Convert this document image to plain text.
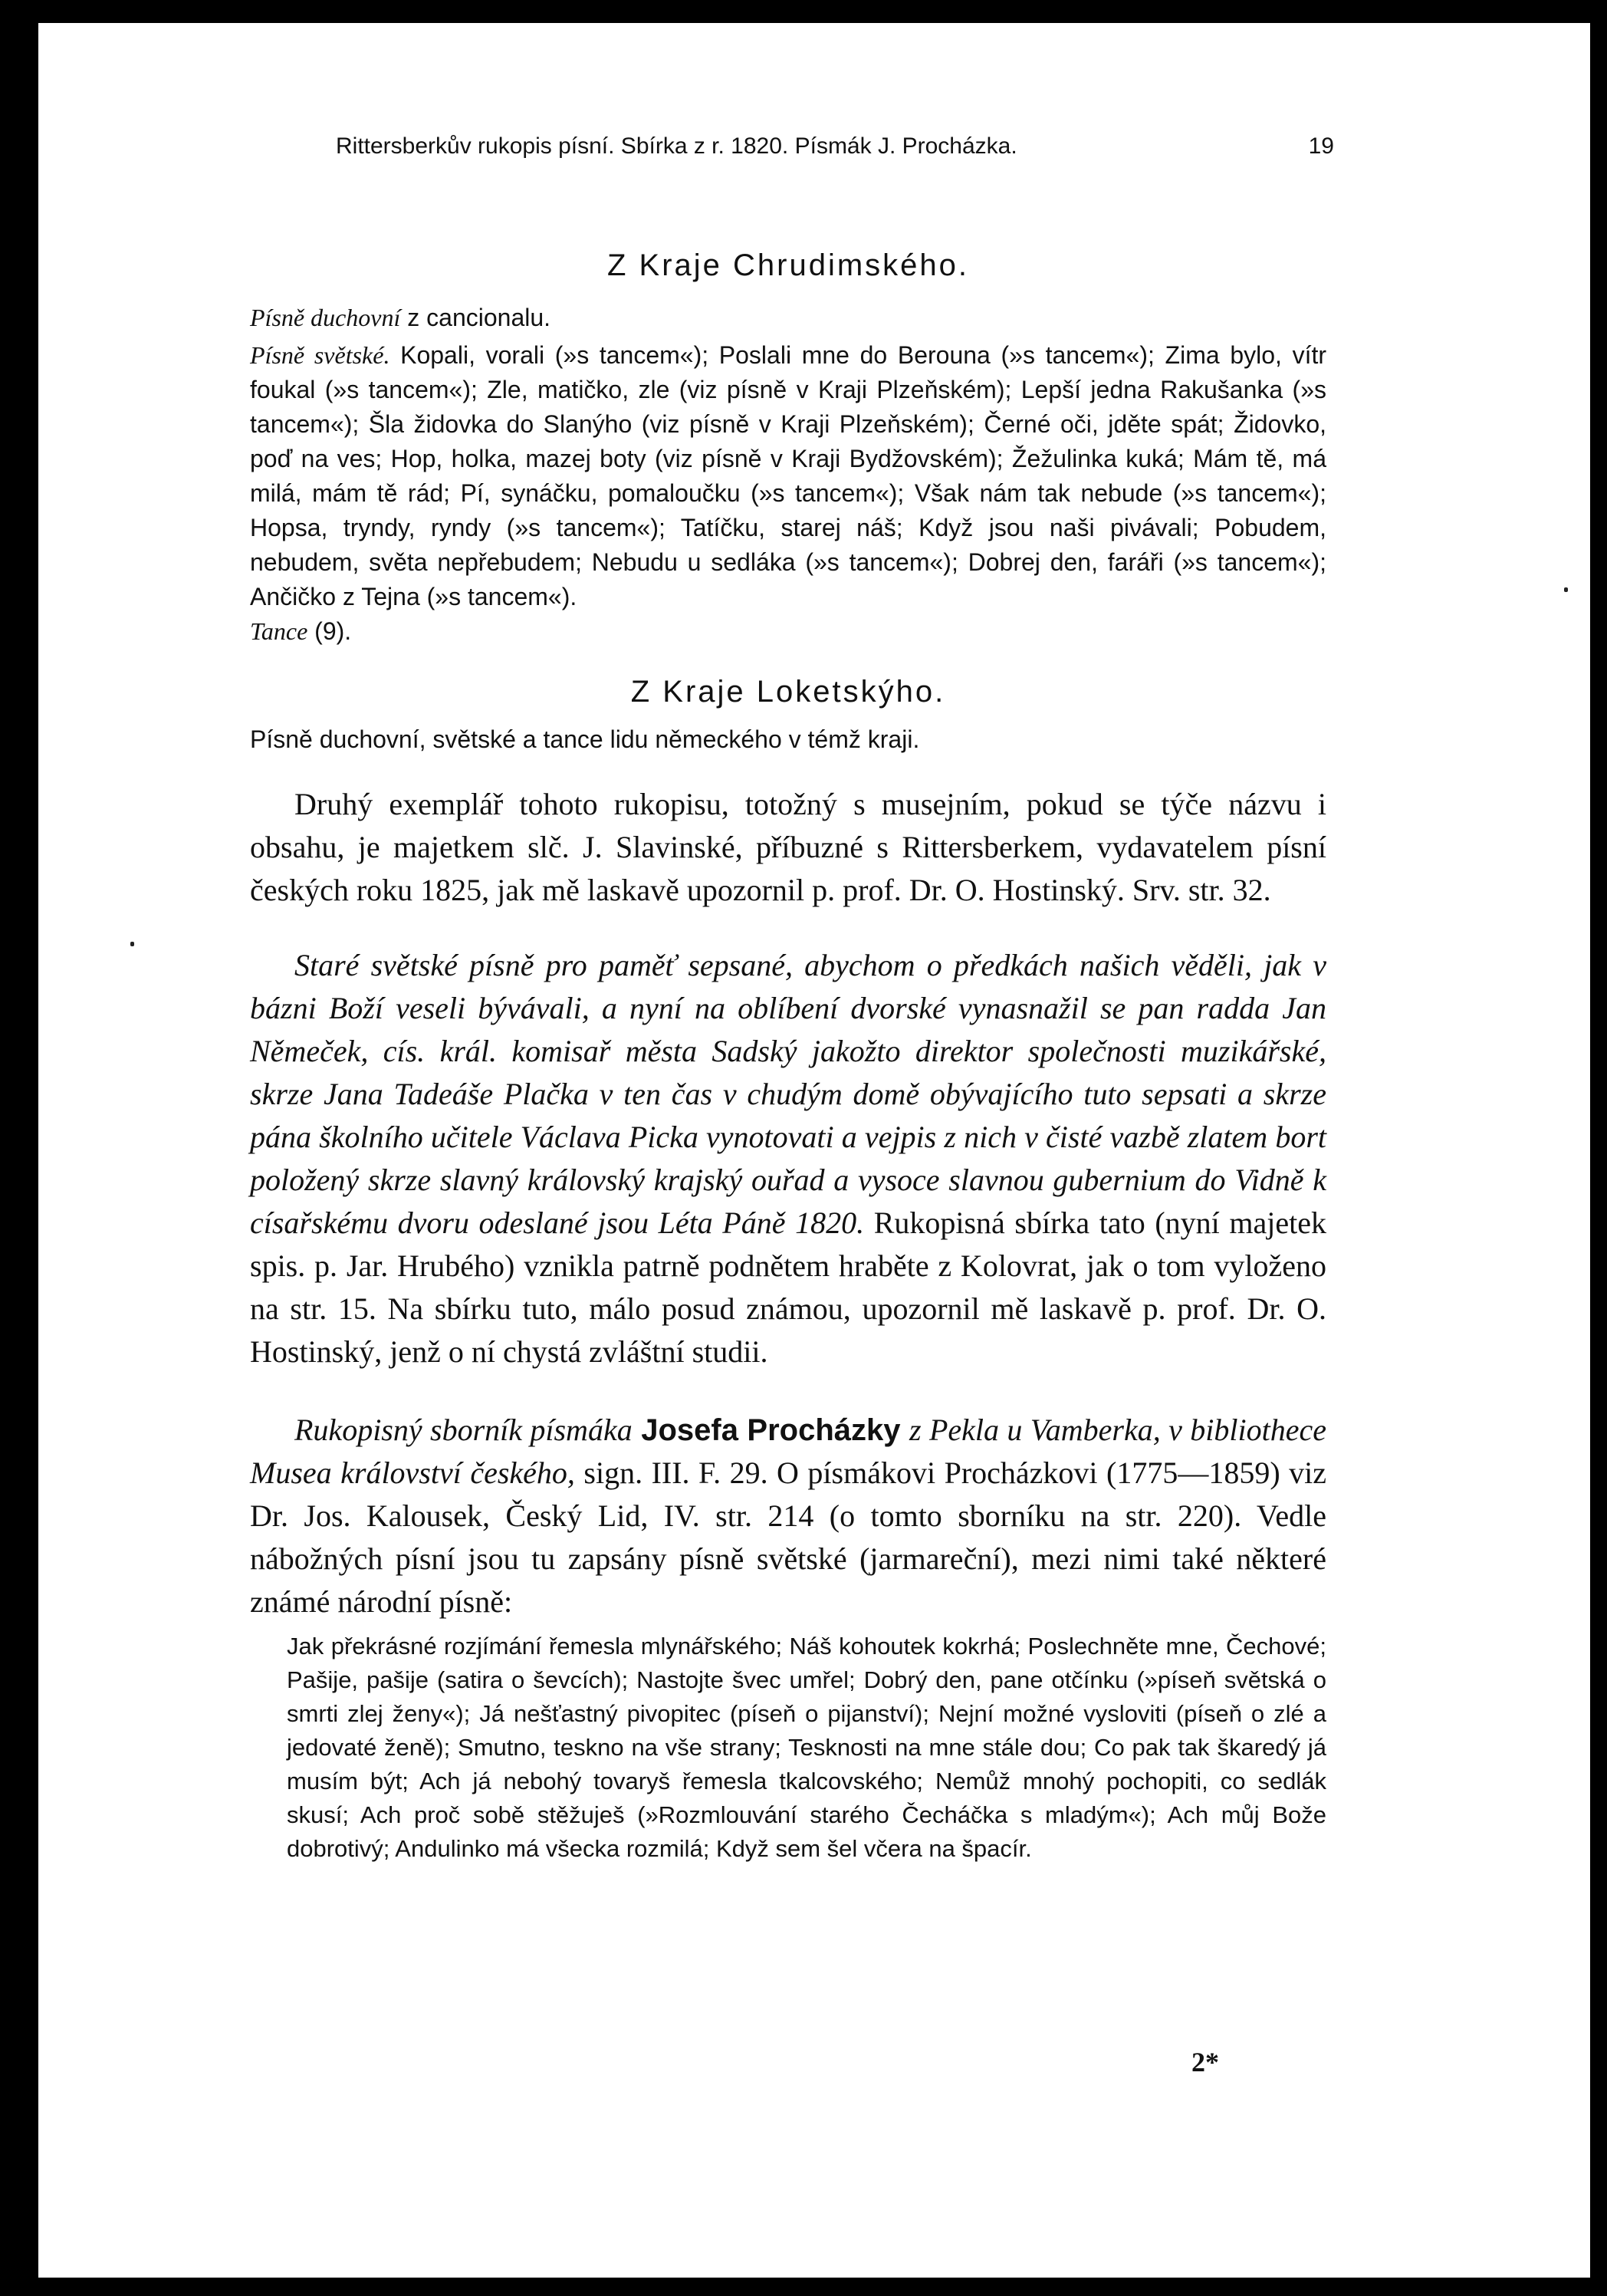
Rittersberkův rukopis písní. Sbírka z r. 1820. Písmák J. Procházka.	19
Z Kraje Chrudimského.

Písně duchovní z cancionalu.

Písně světské. Kopali, vorali (»s tancem«); Poslali mne do Berouna (»s tancem«); Zima bylo, vítr foukal (»s tancem«); Zle, matičko, zle (viz písně v Kraji Plzeňském); Lepší jedna Rakušanka (»s tancem«); Šla židovka do Slanýho (viz písně v Kraji Plzeňském); Černé oči, jděte spát; Židovko, poď na ves; Hop, holka, mazej boty (viz písně v Kraji Bydžovském); Žežulinka kuká; Mám tě, má milá, mám tě rád; Pí, synáčku, pomaloučku (»s tancem«); Však nám tak nebude (»s tancem«); Hopsa, tryndy, ryndy (»s tancem«); Tatíčku, starej náš; Když jsou naši piνávali; Pobudem, nebudem, světa nepřebudem; Nebudu u sedláka (»s tancem«); Dobrej den, faráři (»s tancem«); Ančičko z Tejna (»s tancem«).

Tance (9).

Z Kraje Loketskýho.

Písně duchovní, světské a tance lidu německého v témž kraji.

Druhý exemplář tohoto rukopisu, totožný s musejním, pokud se týče názvu i obsahu, je majetkem slč. J. Slavinské, příbuzné s Rittersberkem, vydavatelem písní českých roku 1825, jak mě laskavě upozornil p. prof. Dr. O. Hostinský. Srv. str. 32.

Staré světské písně pro paměť sepsané, abychom o předkách našich věděli, jak v bázni Boží veseli bývávali, a nyní na oblíbení dvorské vynasnažil se pan radda Jan Němeček, cís. král. komisař města Sadský jakožto direktor společnosti muzikářské, skrze Jana Tadeáše Plačka v ten čas v chudým domě obývajícího tuto sepsati a skrze pána školního učitele Václava Picka vynotovati a vejpis z nich v čisté vazbě zlatem bort položený skrze slavný královský krajský ouřad a vysoce slavnou gubernium do Vidně k císařskému dvoru odeslané jsou Léta Páně 1820. Rukopisná sbírka tato (nyní majetek spis. p. Jar. Hrubého) vznikla patrně podnětem hraběte z Kolovrat, jak o tom vyloženo na str. 15. Na sbírku tuto, málo posud známou, upozornil mě laskavě p. prof. Dr. O. Hostinský, jenž o ní chystá zvláštní studii.

Rukopisný sborník písmáka Josefa Procházky z Pekla u Vamberka, v bibliothece Musea království českého, sign. III. F. 29. O písmákovi Procházkovi (1775—1859) viz Dr. Jos. Kalousek, Český Lid, IV. str. 214 (o tomto sborníku na str. 220). Vedle nábožných písní jsou tu zapsány písně světské (jarmareční), mezi nimi také některé známé národní písně:

Jak překrásné rozjímání řemesla mlynářského; Náš kohoutek kokrhá; Poslechněte mne, Čechové; Pašije, pašije (satira o ševcích); Nastojte švec umřel; Dobrý den, pane otčínku (»píseň světská o smrti zlej ženy«); Já nešťastný pivopitec (píseň o pijanství); Nejní možné vysloviti (píseň o zlé a jedovaté ženě); Smutno, teskno na vše strany; Tesknosti na mne stále dou; Co pak tak škaredý já musím být; Ach já nebohý tovaryš řemesla tkalcovského; Nemůž mnohý pochopiti, co sedlák skusí; Ach proč sobě stěžuješ (»Rozmlouvání starého Čecháčka s mladým«); Ach můj Bože dobrotivý; Andulinko má všecka rozmilá; Když sem šel včera na špacír.

2*
